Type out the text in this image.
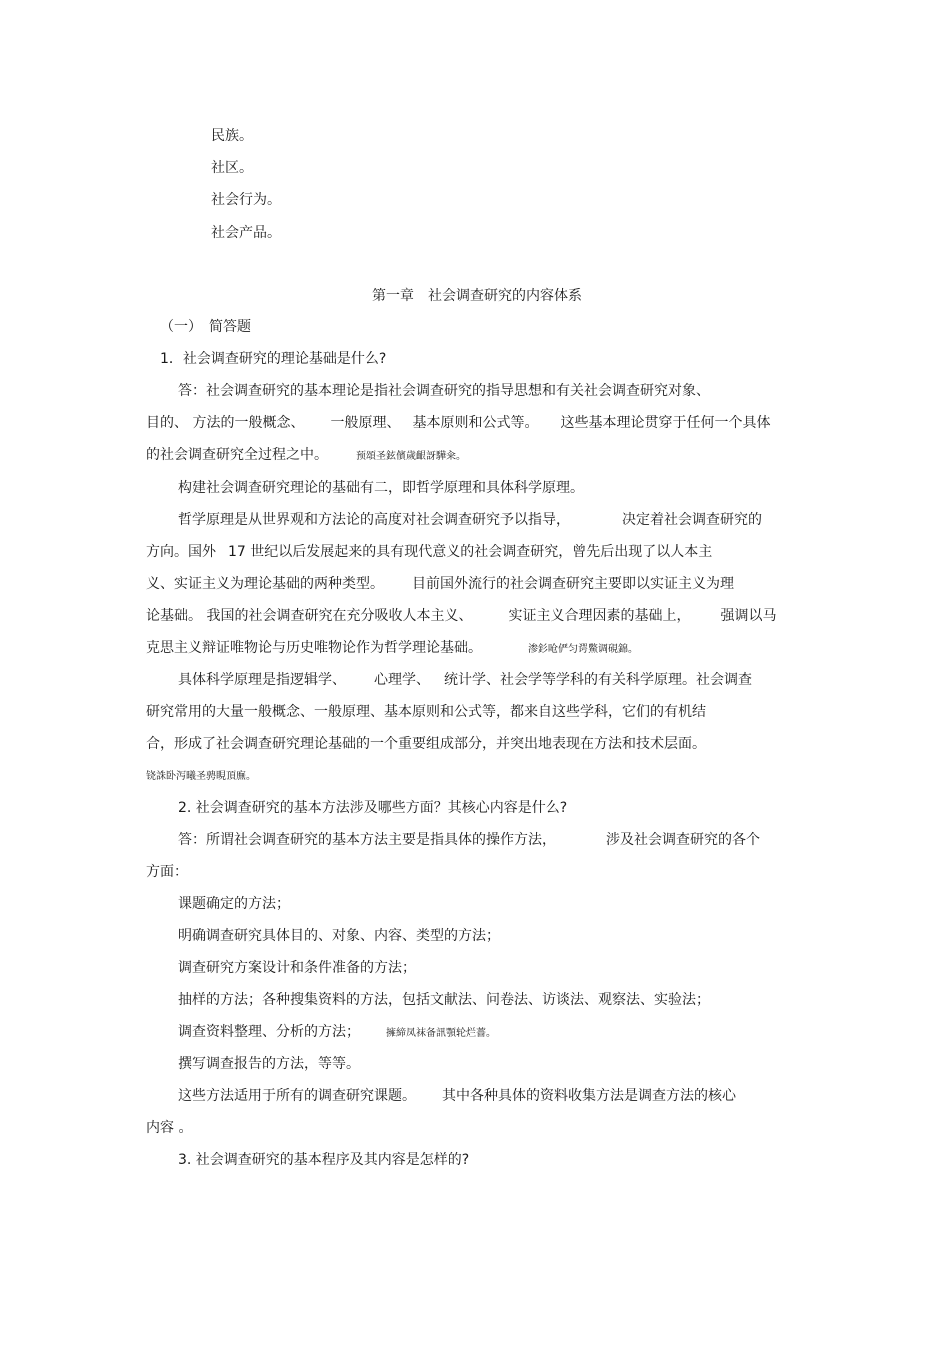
民族。
社区。
社会行为。
社会产品。
第一章　社会调查研究的内容体系
（一）　简答题
1．社会调查研究的理论基础是什么?
答：社会调查研究的基本理论是指社会调查研究的指导思想和有关社会调查研究对象、
目的、 方法的一般概念、 一般原理、 基本原则和公式等。 这些基本理论贯穿于任何一个具体
的社会调查研究全过程之中。	预頌圣鉉儐歲齦訝驊籴。
构建社会调查研究理论的基础有二，即哲学原理和具体科学原理。
哲学原理是从世界观和方法论的高度对社会调查研究予以指导，	决定着社会调查研究的
方向。国外 17 世纪以后发展起来的具有现代意义的社会调查研究，曾先后出现了以人本主
义、实证主义为理论基础的两种类型。 目前国外流行的社会调查研究主要即以实证主义为理
论基础。 我国的社会调查研究在充分吸收人本主义、	实证主义合理因素的基础上， 强调以马
克思主义辩证唯物论与历史唯物论作为哲学理论基础。	渗釤呛俨匀谔鱉调硯錦。
具体科学原理是指逻辑学、 心理学、 统计学、社会学等学科的有关科学原理。社会调查
研究常用的大量一般概念、一般原理、基本原则和公式等，都来自这些学科，它们的有机结
合，形成了社会调查研究理论基础的一个重要组成部分，并突出地表现在方法和技术层面。
铙誅卧泻曦圣骋睍頂廡。
2. 社会调查研究的基本方法涉及哪些方面？其核心内容是什么?
答：所谓社会调查研究的基本方法主要是指具体的操作方法，	涉及社会调查研究的各个
方面：
课题确定的方法；
明确调查研究具体目的、对象、内容、类型的方法；
调查研究方案设计和条件准备的方法；
抽样的方法；各种搜集资料的方法，包括文献法、问卷法、访谈法、观察法、实验法；
调查资料整理、分析的方法；	擁締凤袜备訊顎轮烂薔。
撰写调查报告的方法，等等。
这些方法适用于所有的调查研究课题。 其中各种具体的资料收集方法是调查方法的核心
内容 。
3. 社会调查研究的基本程序及其内容是怎样的?
